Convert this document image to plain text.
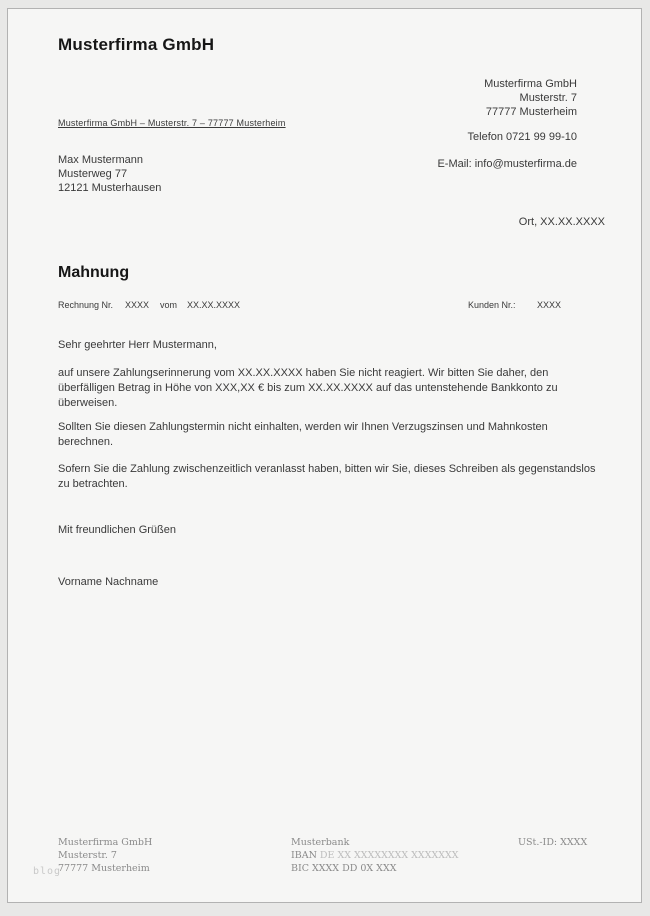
Musterfirma GmbH
Musterfirma GmbH
Musterstr. 7
77777 Musterheim
Telefon 0721 99 99-10
E-Mail: info@musterfirma.de
Musterfirma GmbH – Musterstr. 7 – 77777 Musterheim
Max Mustermann
Musterweg 77
12121 Musterhausen
Ort, XX.XX.XXXX
Mahnung
Rechnung Nr. XXXX vom XX.XX.XXXX	Kunden Nr.: XXXX
Sehr geehrter Herr Mustermann,
auf unsere Zahlungserinnerung vom XX.XX.XXXX haben Sie nicht reagiert. Wir bitten Sie daher, den überfälligen Betrag in Höhe von XXX,XX € bis zum XX.XX.XXXX auf das untenstehende Bankkonto zu überweisen.
Sollten Sie diesen Zahlungstermin nicht einhalten, werden wir Ihnen Verzugszinsen und Mahnkosten berechnen.
Sofern Sie die Zahlung zwischenzeitlich veranlasst haben, bitten wir Sie, dieses Schreiben als gegenstandslos zu betrachten.
Mit freundlichen Grüßen
Vorname Nachname
Musterfirma GmbH
Musterstr. 7
77777 Musterheim
Musterbank
IBAN DE XX XXXXXXXX XXXXXXX
BIC XXXX DD 0X XXX
USt.-ID: XXXX
blog
